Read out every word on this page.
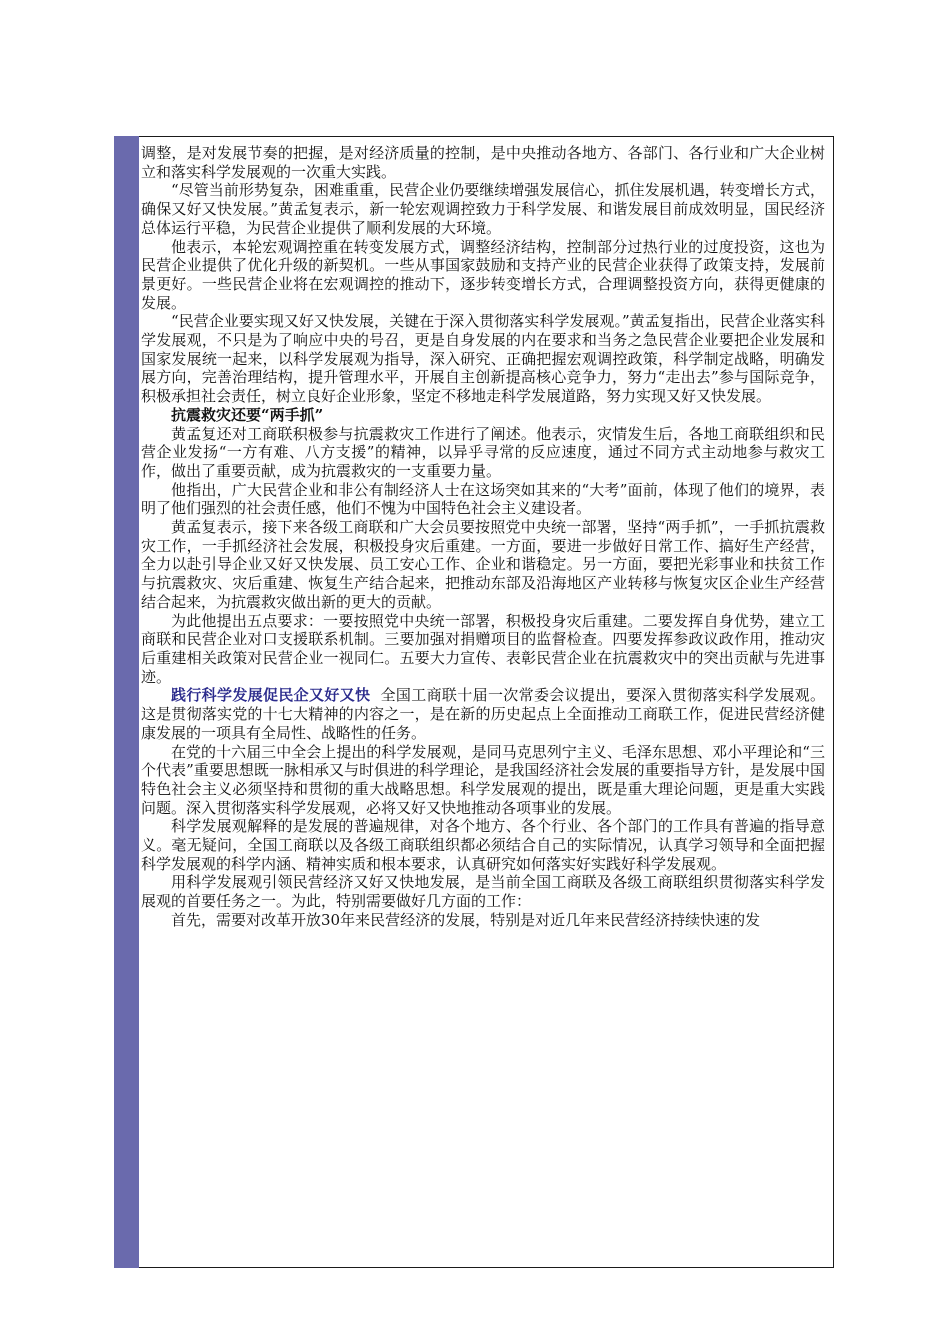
调整，是对发展节奏的把握，是对经济质量的控制，是中央推动各地方、各部门、各行业和广大企业树立和落实科学发展观的一次重大实践。

“尽管当前形势复杂，困难重重，民营企业仍要继续增强发展信心，抓住发展机遇，转变增长方式，确保又好又快发展。”黄孟复表示，新一轮宏观调控致力于科学发展、和谐发展目前成效明显，国民经济总体运行平稳，为民营企业提供了顺利发展的大环境。

他表示，本轮宏观调控重在转变发展方式，调整经济结构，控制部分过热行业的过度投资，这也为民营企业提供了优化升级的新契机。一些从事国家鼓励和支持产业的民营企业获得了政策支持，发展前景更好。一些民营企业将在宏观调控的推动下，逐步转变增长方式，合理调整投资方向，获得更健康的发展。

“民营企业要实现又好又快发展，关键在于深入贯彻落实科学发展观。”黄孟复指出，民营企业落实科学发展观，不只是为了响应中央的号召，更是自身发展的内在要求和当务之急民营企业要把企业发展和国家发展统一起来，以科学发展观为指导，深入研究、正确把握宏观调控政策，科学制定战略，明确发展方向，完善治理结构，提升管理水平，开展自主创新提高核心竞争力，努力“走出去”参与国际竞争，积极承担社会责任，树立良好企业形象，坚定不移地走科学发展道路，努力实现又好又快发展。

抗震救灾还要“两手抓”

黄孟复还对工商联积极参与抗震救灾工作进行了阐述。他表示，灾情发生后，各地工商联组织和民营企业发扬“一方有难、八方支援”的精神，以异乎寻常的反应速度，通过不同方式主动地参与救灾工作，做出了重要贡献，成为抗震救灾的一支重要力量。

他指出，广大民营企业和非公有制经济人士在这场突如其来的“大考”面前，体现了他们的境界，表明了他们强烈的社会责任感，他们不愧为中国特色社会主义建设者。

黄孟复表示，接下来各级工商联和广大会员要按照党中央统一部署，坚持“两手抓”，一手抓抗震救灾工作，一手抓经济社会发展，积极投身灾后重建。一方面，要进一步做好日常工作、搞好生产经营，全力以赴引导企业又好又快发展、员工安心工作、企业和谐稳定。另一方面，要把光彩事业和扶贫工作与抗震救灾、灾后重建、恢复生产结合起来，把推动东部及沿海地区产业转移与恢复灾区企业生产经营结合起来，为抗震救灾做出新的更大的贡献。

为此他提出五点要求：一要按照党中央统一部署，积极投身灾后重建。二要发挥自身优势，建立工商联和民营企业对口支援联系机制。三要加强对捐赠项目的监督检查。四要发挥参政议政作用，推动灾后重建相关政策对民营企业一视同仁。五要大力宣传、表彰民营企业在抗震救灾中的突出贡献与先进事迹。

践行科学发展促民企又好又快 全国工商联十届一次常委会议提出，要深入贯彻落实科学发展观。这是贯彻落实党的十七大精神的内容之一，是在新的历史起点上全面推动工商联工作，促进民营经济健康发展的一项具有全局性、战略性的任务。

在党的十六届三中全会上提出的科学发展观，是同马克思列宁主义、毛泽东思想、邓小平理论和“三个代表”重要思想既一脉相承又与时俱进的科学理论，是我国经济社会发展的重要指导方针，是发展中国特色社会主义必须坚持和贯彻的重大战略思想。科学发展观的提出，既是重大理论问题，更是重大实践问题。深入贯彻落实科学发展观，必将又好又快地推动各项事业的发展。

科学发展观解释的是发展的普遍规律，对各个地方、各个行业、各个部门的工作具有普遍的指导意义。毫无疑问，全国工商联以及各级工商联组织都必须结合自己的实际情况，认真学习领导和全面把握科学发展观的科学内涵、精神实质和根本要求，认真研究如何落实好实践好科学发展观。

用科学发展观引领民营经济又好又快地发展，是当前全国工商联及各级工商联组织贯彻落实科学发展观的首要任务之一。为此，特别需要做好几方面的工作：

首先，需要对改革开放30年来民营经济的发展，特别是对近几年来民营经济持续快速的发
